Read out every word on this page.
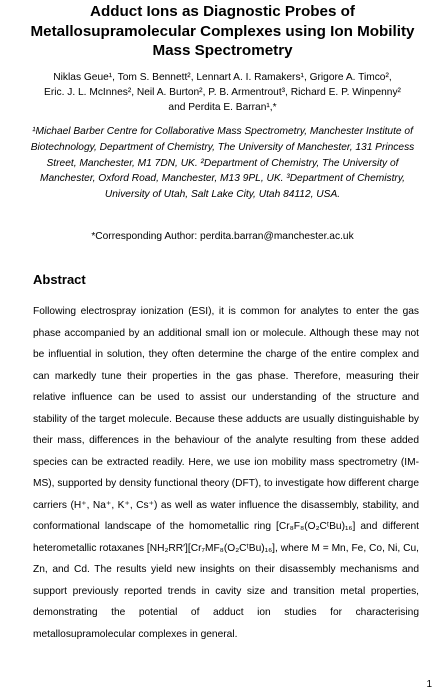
Adduct Ions as Diagnostic Probes of Metallosupramolecular Complexes using Ion Mobility Mass Spectrometry
Niklas Geue¹, Tom S. Bennett², Lennart A. I. Ramakers¹, Grigore A. Timco²,
Eric. J. L. McInnes², Neil A. Burton², P. B. Armentrout³, Richard E. P. Winpenny²
and Perdita E. Barran¹,*
¹Michael Barber Centre for Collaborative Mass Spectrometry, Manchester Institute of Biotechnology, Department of Chemistry, The University of Manchester, 131 Princess Street, Manchester, M1 7DN, UK. ²Department of Chemistry, The University of Manchester, Oxford Road, Manchester, M13 9PL, UK. ³Department of Chemistry, University of Utah, Salt Lake City, Utah 84112, USA.
*Corresponding Author: perdita.barran@manchester.ac.uk
Abstract
Following electrospray ionization (ESI), it is common for analytes to enter the gas phase accompanied by an additional small ion or molecule. Although these may not be influential in solution, they often determine the charge of the entire complex and can markedly tune their properties in the gas phase. Therefore, measuring their relative influence can be used to assist our understanding of the structure and stability of the target molecule. Because these adducts are usually distinguishable by their mass, differences in the behaviour of the analyte resulting from these added species can be extracted readily. Here, we use ion mobility mass spectrometry (IM-MS), supported by density functional theory (DFT), to investigate how different charge carriers (H⁺, Na⁺, K⁺, Cs⁺) as well as water influence the disassembly, stability, and conformational landscape of the homometallic ring [Cr₈F₈(O₂CᵗBu)₁₆] and different heterometallic rotaxanes [NH₂RR′][Cr₇MF₈(O₂CᵗBu)₁₆], where M = Mn, Fe, Co, Ni, Cu, Zn, and Cd. The results yield new insights on their disassembly mechanisms and support previously reported trends in cavity size and transition metal properties, demonstrating the potential of adduct ion studies for characterising metallosupramolecular complexes in general.
1
